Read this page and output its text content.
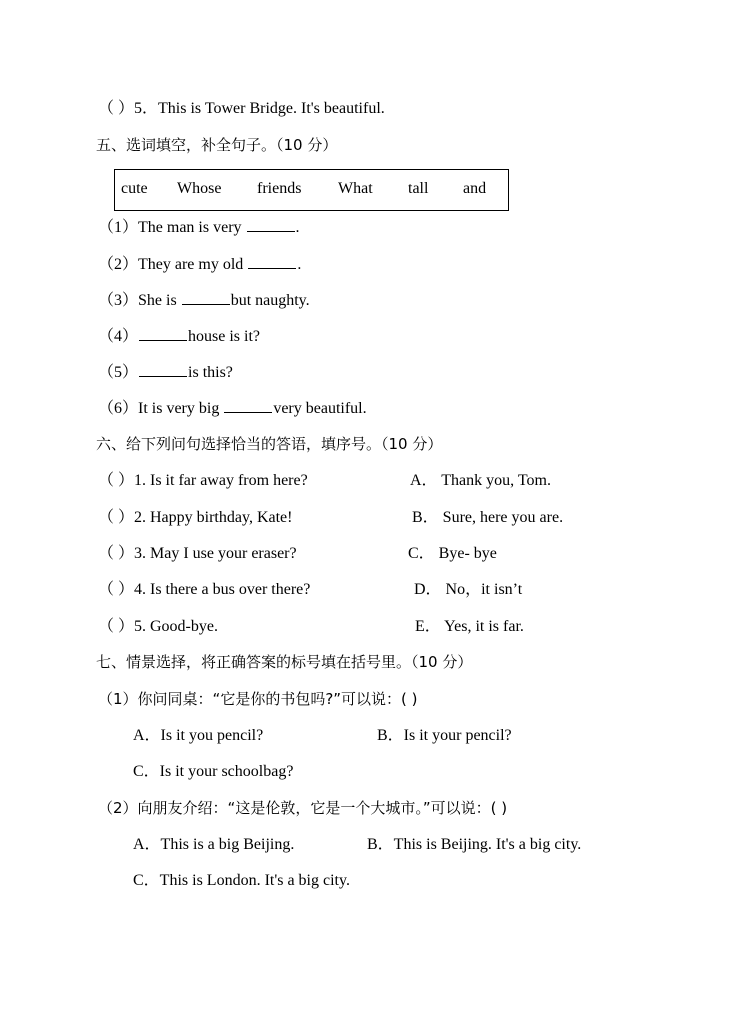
（ ）5．This is Tower Bridge. It's beautiful.
五、选词填空，补全句子。（10 分）
cute Whose friends What tall and
（1）The man is very	.
（2）They are my old	.
（3）She is	but naughty.
（4）	house is it?
（5）	is this?
（6）It is very big	very beautiful.
六、给下列问句选择恰当的答语，填序号。（10 分）
（ ）1. Is it far away from here?	A． Thank you, Tom.
（ ）2. Happy birthday, Kate!	B． Sure, here you are.
（ ）3. May I use your eraser?	C． Bye- bye
（ ）4. Is there a bus over there?	D． No，it isn’t
（ ）5. Good-bye.	E． Yes, it is far.
七、情景选择，将正确答案的标号填在括号里。（10 分）
（1）你问同桌：“它是你的书包吗?”可以说：( )
A．Is it you pencil?	B．Is it your pencil?
C．Is it your schoolbag?
（2）向朋友介绍：“这是伦敦，它是一个大城市。”可以说：( )
A．This is a big Beijing.	B．This is Beijing. It's a big city.
C．This is London. It's a big city.
